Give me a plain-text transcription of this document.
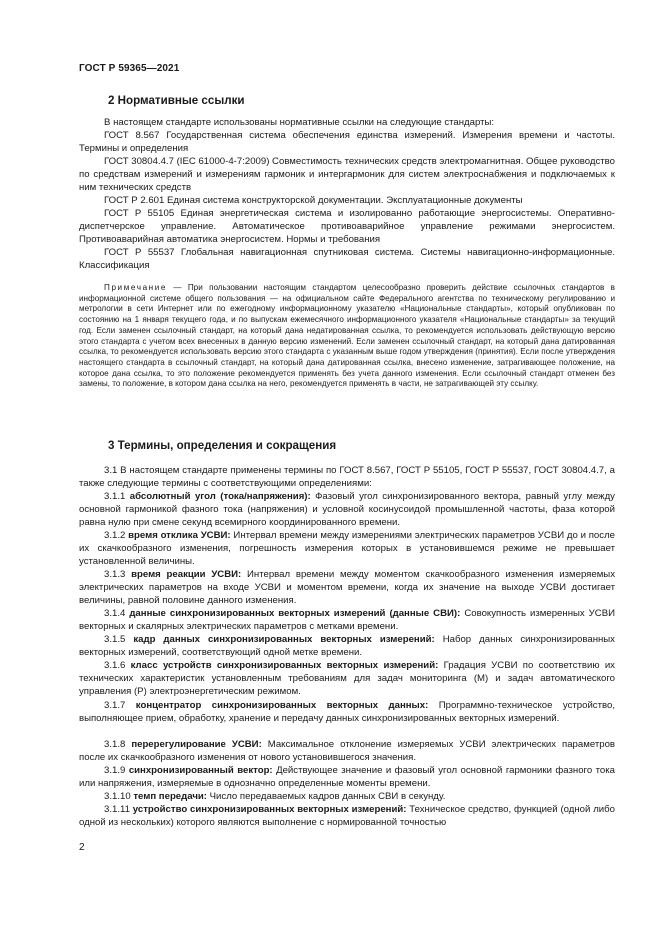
ГОСТ Р 59365—2021
2 Нормативные ссылки

В настоящем стандарте использованы нормативные ссылки на следующие стандарты:

ГОСТ 8.567 Государственная система обеспечения единства измерений. Измерения времени и частоты. Термины и определения

ГОСТ 30804.4.7 (IEC 61000-4-7:2009) Совместимость технических средств электромагнитная. Общее руководство по средствам измерений и измерениям гармоник и интергармоник для систем электроснабжения и подключаемых к ним технических средств

ГОСТ Р 2.601 Единая система конструкторской документации. Эксплуатационные документы

ГОСТ Р 55105 Единая энергетическая система и изолированно работающие энергосистемы. Оперативно-диспетчерское управление. Автоматическое противоаварийное управление режимами энергосистем. Противоаварийная автоматика энергосистем. Нормы и требования

ГОСТ Р 55537 Глобальная навигационная спутниковая система. Системы навигационно-информационные. Классификация

Примечание — При пользовании настоящим стандартом целесообразно проверить действие ссылочных стандартов в информационной системе общего пользования — на официальном сайте Федерального агентства по техническому регулированию и метрологии в сети Интернет или по ежегодному информационному указателю «Национальные стандарты», который опубликован по состоянию на 1 января текущего года, и по выпускам ежемесячного информационного указателя «Национальные стандарты» за текущий год. Если заменен ссылочный стандарт, на который дана недатированная ссылка, то рекомендуется использовать действующую версию этого стандарта с учетом всех внесенных в данную версию изменений. Если заменен ссылочный стандарт, на который дана датированная ссылка, то рекомендуется использовать версию этого стандарта с указанным выше годом утверждения (принятия). Если после утверждения настоящего стандарта в ссылочный стандарт, на который дана датированная ссылка, внесено изменение, затрагивающее положение, на которое дана ссылка, то это положение рекомендуется применять без учета данного изменения. Если ссылочный стандарт отменен без замены, то положение, в котором дана ссылка на него, рекомендуется применять в части, не затрагивающей эту ссылку.

3 Термины, определения и сокращения

3.1 В настоящем стандарте применены термины по ГОСТ 8.567, ГОСТ Р 55105, ГОСТ Р 55537, ГОСТ 30804.4.7, а также следующие термины с соответствующими определениями:

3.1.1 абсолютный угол (тока/напряжения): Фазовый угол синхронизированного вектора, равный углу между основной гармоникой фазного тока (напряжения) и условной косинусоидой промышленной частоты, фаза которой равна нулю при смене секунд всемирного координированного времени.

3.1.2 время отклика УСВИ: Интервал времени между измерениями электрических параметров УСВИ до и после их скачкообразного изменения, погрешность измерения которых в установившемся режиме не превышает установленной величины.

3.1.3 время реакции УСВИ: Интервал времени между моментом скачкообразного изменения измеряемых электрических параметров на входе УСВИ и моментом времени, когда их значение на выходе УСВИ достигает величины, равной половине данного изменения.

3.1.4 данные синхронизированных векторных измерений (данные СВИ): Совокупность измеренных УСВИ векторных и скалярных электрических параметров с метками времени.

3.1.5 кадр данных синхронизированных векторных измерений: Набор данных синхронизированных векторных измерений, соответствующий одной метке времени.

3.1.6 класс устройств синхронизированных векторных измерений: Градация УСВИ по соответствию их технических характеристик установленным требованиям для задач мониторинга (М) и задач автоматического управления (Р) электроэнергетическим режимом.

3.1.7 концентратор синхронизированных векторных данных: Программно-техническое устройство, выполняющее прием, обработку, хранение и передачу данных синхронизированных векторных измерений.

3.1.8 перерегулирование УСВИ: Максимальное отклонение измеряемых УСВИ электрических параметров после их скачкообразного изменения от нового установившегося значения.

3.1.9 синхронизированный вектор: Действующее значение и фазовый угол основной гармоники фазного тока или напряжения, измеряемые в однозначно определенные моменты времени.

3.1.10 темп передачи: Число передаваемых кадров данных СВИ в секунду.

3.1.11 устройство синхронизированных векторных измерений: Техническое средство, функцией (одной либо одной из нескольких) которого являются выполнение с нормированной точностью

2
